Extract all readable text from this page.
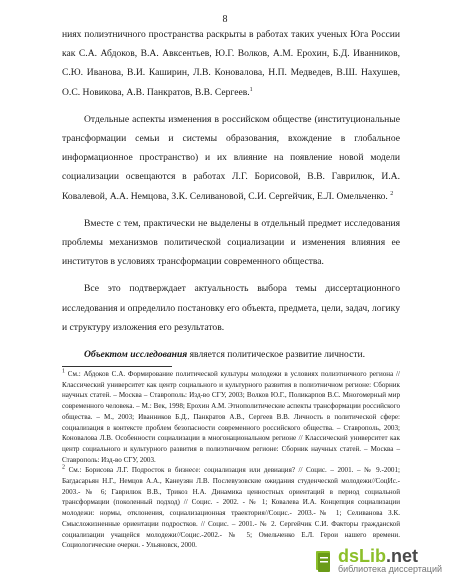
8

ниях полиэтничного пространства раскрыты в работах таких ученых Юга России как С.А. Абдоков, В.А. Авксентьев, Ю.Г. Волков, А.М. Ерохин, Б.Д. Иванников, С.Ю. Иванова, В.И. Каширин, Л.В. Коновалова, Н.П. Медведев, В.Ш. Нахушев, О.С. Новикова, А.В. Панкратов, В.В. Сергеев.$^1$

Отдельные аспекты изменения в российском обществе (институциональные трансформации семьи и системы образования, вхождение в глобальное информационное пространство) и их влияние на появление новой модели социализации освещаются в работах Л.Г. Борисовой, В.В. Гаврилюк, И.А. Ковалевой, А.А. Немцова, З.К. Селивановой, С.И. Сергейчик, Е.Л. Омельченко. $^2$

Вместе с тем, практически не выделены в отдельный предмет исследования проблемы механизмов политической социализации и изменения влияния ее институтов в условиях трансформации современного общества.

Все это подтверждает актуальность выбора темы диссертационного исследования и определило постановку его объекта, предмета, цели, задач, логику и структуру изложения его результатов.

Объектом исследования является политическое развитие личности.

$^1$ См.: Абдоков С.А. Формирование политической культуры молодежи в условиях полиэтничного региона // Классический университет как центр социального и культурного развития в полиэтничном регионе: Сборник научных статей. – Москва – Ставрополь: Изд-во СГУ, 2003; Волков Ю.Г., Поликарпов В.С. Многомерный мир современного человека. – М.: Век, 1998; Ерохин А.М. Этнополитические аспекты трансформации российского общества. – М., 2003; Иванников Б.Д., Панкратов А.В., Сергеев В.В. Личность в политической сфере: социализация в контексте проблем безопасности современного российского общества. – Ставрополь, 2003; Коновалова Л.В. Особенности социализации в многонациональном регионе // Классический университет как центр социального и культурного развития в полиэтничном регионе: Сборник научных статей. – Москва – Ставрополь: Изд-во СГУ, 2003.

$^2$ См.: Борисова Л.Г. Подросток в бизнесе: социализация или девиация? // Социс. – 2001. – № 9.-2001; Багдасарьян Н.Г., Немцов А.А., Канеузян Л.В. Послевузовские ожидания студенческой молодежи//СоцИс.- 2003.- № 6; Гаврилюк В.В., Трикоз Н.А. Динамика ценностных ориентаций в период социальной трансформации (поколенный подход) // Социс. - 2002. - № 1; Ковалева И.А. Концепция социализации молодежи: нормы, отклонения, социализационная траектория//Социс.- 2003.-№ 1; Селиванова З.К. Смысложизненные ориентации подростков. // Социс. – 2001.- № 2. Сергейчик С.И. Факторы гражданской социализации учащейся молодежи//Социс.-2002.- № 5; Омельченко Е.Л. Герои нашего времени. Социологические очерки. - Ульяновск, 2000.

dsLib.net
библиотека диссертаций
